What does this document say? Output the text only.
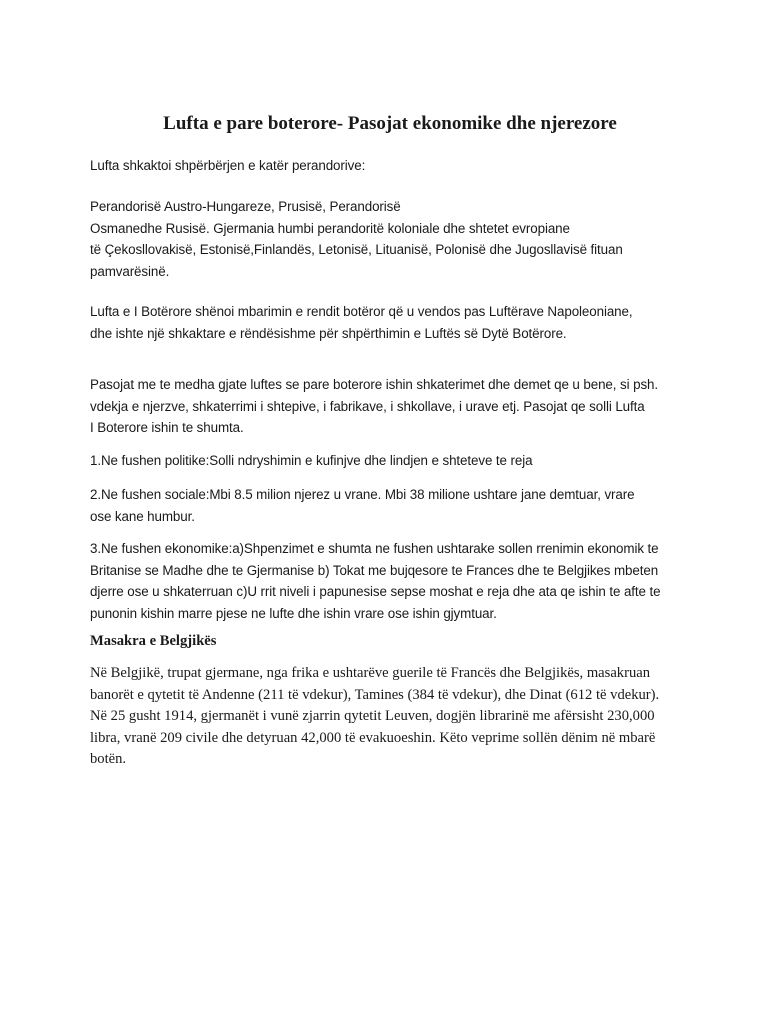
Lufta e pare boterore- Pasojat ekonomike dhe njerezore

Lufta shkaktoi shpërbërjen e katër perandorive:

Perandorisë Austro-Hungareze, Prusisë, Perandorisë
Osmanedhe Rusisë. Gjermania humbi perandoritë koloniale dhe shtetet evropiane
të Çekosllovakisë, Estonisë,Finlandës, Letonisë, Lituanisë, Polonisë dhe Jugosllavisë fituan
pamvarësinë.

Lufta e I Botërore shënoi mbarimin e rendit botëror që u vendos pas Luftërave Napoleoniane,
dhe ishte një shkaktare e rëndësishme për shpërthimin e Luftës së Dytë Botërore.

Pasojat me te medha gjate luftes se pare boterore ishin shkaterimet dhe demet qe u bene, si psh.
vdekja e njerzve, shkaterrimi i shtepive, i fabrikave, i shkollave, i urave etj. Pasojat qe solli Lufta
I Boterore ishin te shumta.

1.Ne fushen politike:Solli ndryshimin e kufinjve dhe lindjen e shteteve te reja

2.Ne fushen sociale:Mbi 8.5 milion njerez u vrane. Mbi 38 milione ushtare jane demtuar, vrare
ose kane humbur.

3.Ne fushen ekonomike:a)Shpenzimet e shumta ne fushen ushtarake sollen rrenimin ekonomik te
Britanise se Madhe dhe te Gjermanise b) Tokat me bujqesore te Frances dhe te Belgjikes mbeten
djerre ose u shkaterruan c)U rrit niveli i papunesise sepse moshat e reja dhe ata qe ishin te afte te
punonin kishin marre pjese ne lufte dhe ishin vrare ose ishin gjymtuar.

Masakra e Belgjikës

Në Belgjikë, trupat gjermane, nga frika e ushtarëve guerile të Francës dhe Belgjikës, masakruan
banorët e qytetit të Andenne (211 të vdekur), Tamines (384 të vdekur), dhe Dinat (612 të vdekur).
Në 25 gusht 1914, gjermanët i vunë zjarrin qytetit Leuven, dogjën librarinë me afërsisht 230,000
libra, vranë 209 civile dhe detyruan 42,000 të evakuoeshin. Këto veprime sollën dënim në mbarë
botën.
